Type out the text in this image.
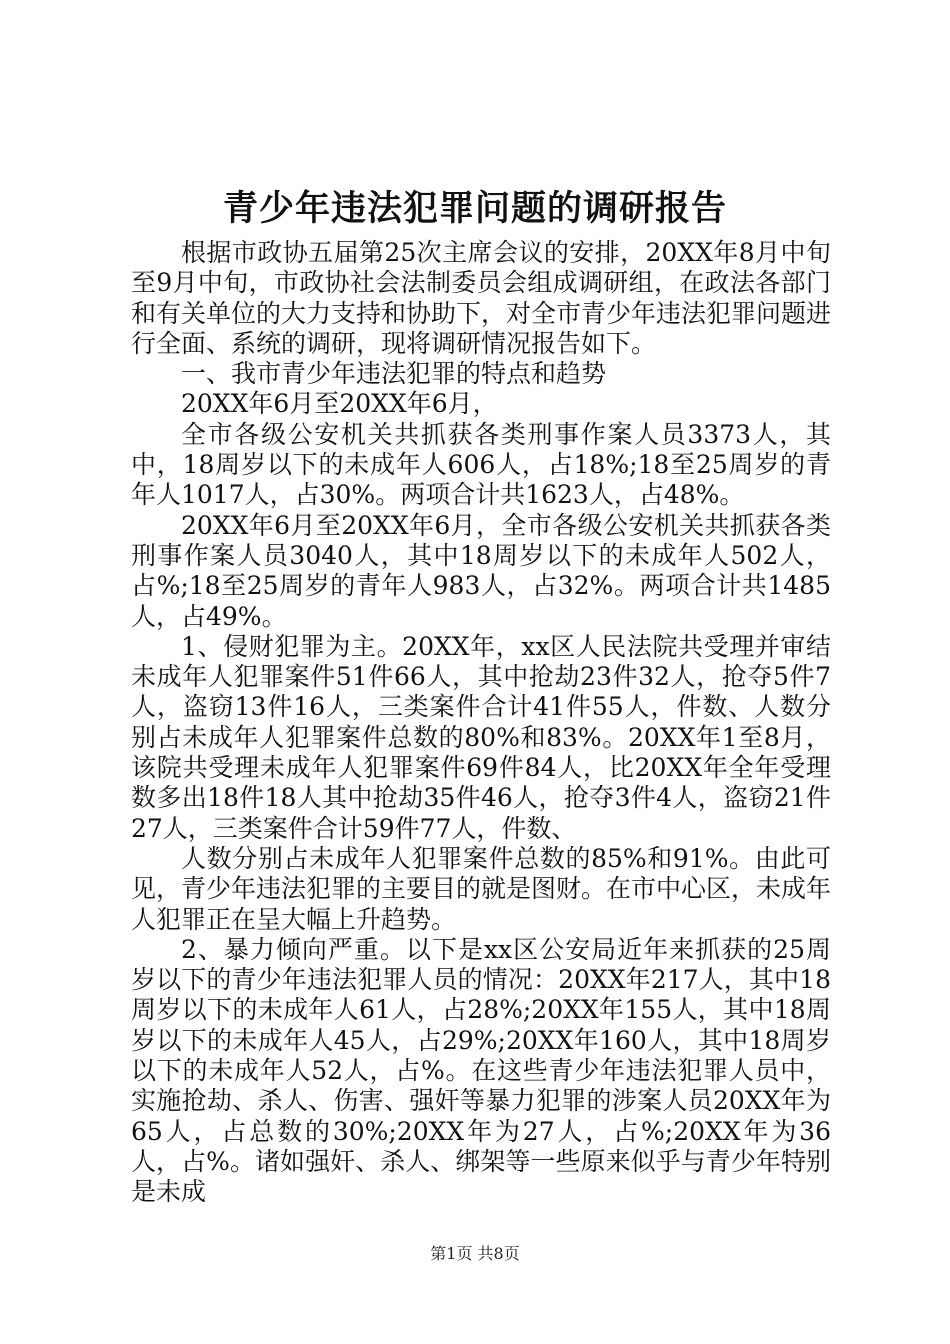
青少年违法犯罪问题的调研报告

根据市政协五届第25次主席会议的安排，20XX年8月中旬至9月中旬，市政协社会法制委员会组成调研组，在政法各部门和有关单位的大力支持和协助下，对全市青少年违法犯罪问题进行全面、系统的调研，现将调研情况报告如下。

一、我市青少年违法犯罪的特点和趋势

20XX年6月至20XX年6月，

全市各级公安机关共抓获各类刑事作案人员3373人，其中，18周岁以下的未成年人606人，占18%;18至25周岁的青年人1017人，占30%。两项合计共1623人，占48%。

20XX年6月至20XX年6月，全市各级公安机关共抓获各类刑事作案人员3040人，其中18周岁以下的未成年人502人，占%;18至25周岁的青年人983人，占32%。两项合计共1485人，占49%。

1、侵财犯罪为主。20XX年，xx区人民法院共受理并审结未成年人犯罪案件51件66人，其中抢劫23件32人，抢夺5件7人，盗窃13件16人，三类案件合计41件55人，件数、人数分别占未成年人犯罪案件总数的80%和83%。20XX年1至8月，该院共受理未成年人犯罪案件69件84人，比20XX年全年受理数多出18件18人其中抢劫35件46人，抢夺3件4人，盗窃21件27人，三类案件合计59件77人，件数、

人数分别占未成年人犯罪案件总数的85%和91%。由此可见，青少年违法犯罪的主要目的就是图财。在市中心区，未成年人犯罪正在呈大幅上升趋势。

2、暴力倾向严重。以下是xx区公安局近年来抓获的25周岁以下的青少年违法犯罪人员的情况：20XX年217人，其中18周岁以下的未成年人61人，占28%;20XX年155人，其中18周岁以下的未成年人45人，占29%;20XX年160人，其中18周岁以下的未成年人52人，占%。在这些青少年违法犯罪人员中，实施抢劫、杀人、伤害、强奸等暴力犯罪的涉案人员20XX年为65人，占总数的30%;20XX年为27人，占%;20XX年为36人，占%。诸如强奸、杀人、绑架等一些原来似乎与青少年特别是未成

第1页 共8页
